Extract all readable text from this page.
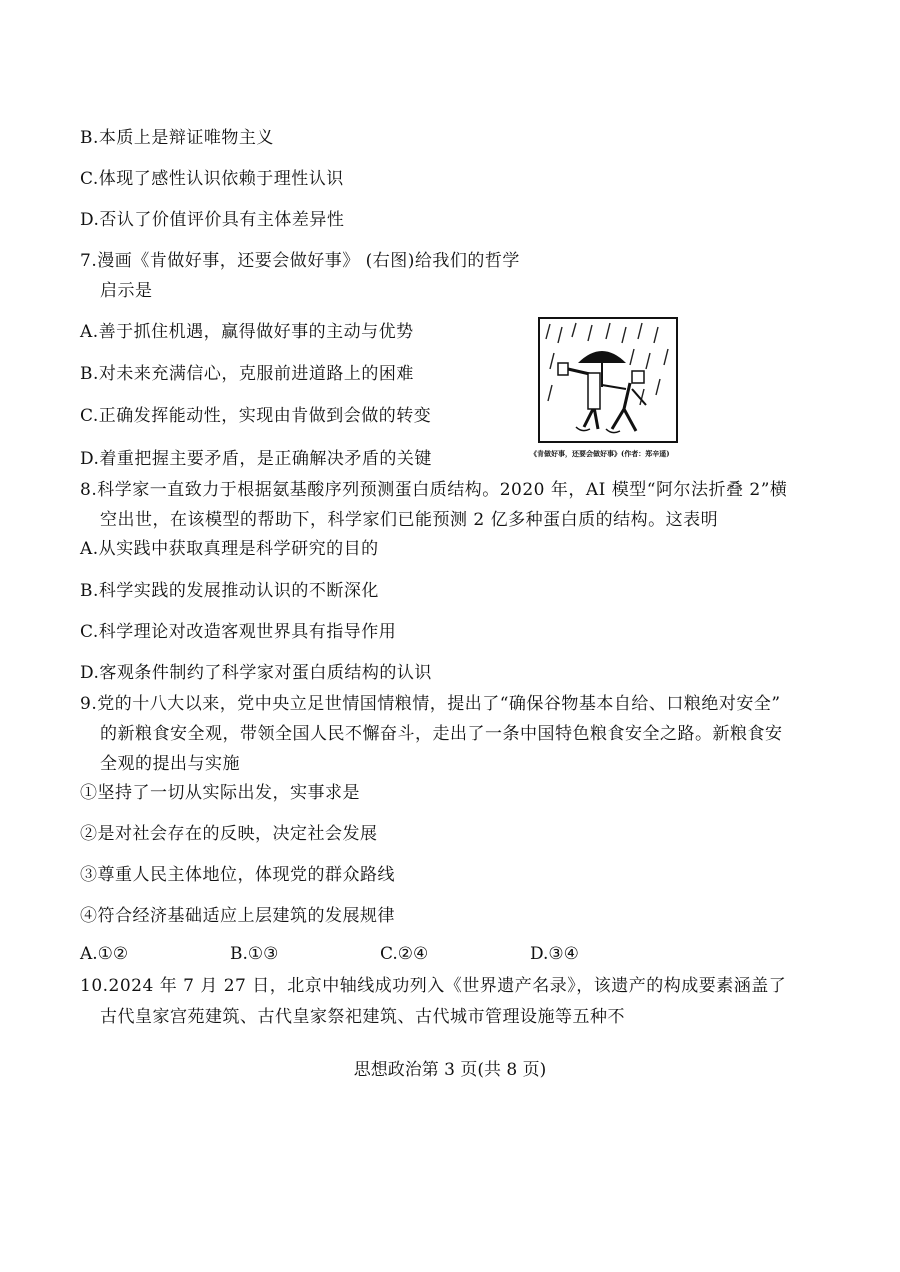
B.本质上是辩证唯物主义
C.体现了感性认识依赖于理性认识
D.否认了价值评价具有主体差异性
7.漫画《肯做好事，还要会做好事》 (右图)给我们的哲学
启示是
A.善于抓住机遇，赢得做好事的主动与优势
B.对未来充满信心，克服前进道路上的困难
C.正确发挥能动性，实现由肯做到会做的转变
D.着重把握主要矛盾，是正确解决矛盾的关键	《肯做好事，还要会做好事》(作者：郑辛遥)
8.科学家一直致力于根据氨基酸序列预测蛋白质结构。2020 年，AI 模型“阿尔法折叠 2”横
空出世，在该模型的帮助下，科学家们已能预测 2 亿多种蛋白质的结构。这表明
A.从实践中获取真理是科学研究的目的
B.科学实践的发展推动认识的不断深化
C.科学理论对改造客观世界具有指导作用
D.客观条件制约了科学家对蛋白质结构的认识
9.党的十八大以来，党中央立足世情国情粮情，提出了“确保谷物基本自给、口粮绝对安全”
的新粮食安全观，带领全国人民不懈奋斗，走出了一条中国特色粮食安全之路。新粮食安
全观的提出与实施
①坚持了一切从实际出发，实事求是
②是对社会存在的反映，决定社会发展
③尊重人民主体地位，体现党的群众路线
④符合经济基础适应上层建筑的发展规律
A.①②	B.①③	C.②④	D.③④
10.2024 年 7 月 27 日，北京中轴线成功列入《世界遗产名录》，该遗产的构成要素涵盖了
古代皇家宫苑建筑、古代皇家祭祀建筑、古代城市管理设施等五种不
思想政治第 3 页(共 8 页)
